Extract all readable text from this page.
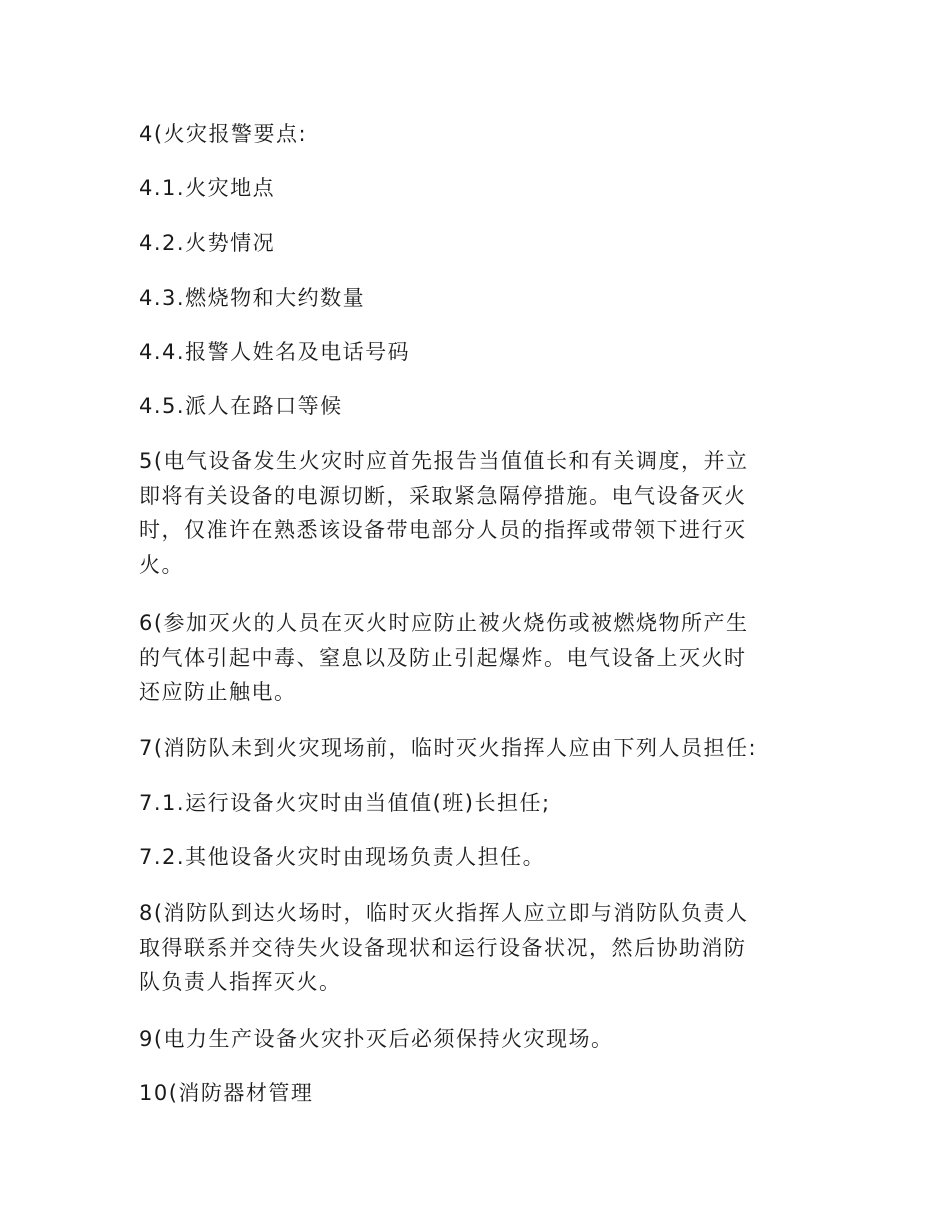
4(火灾报警要点:

4.1.火灾地点

4.2.火势情况

4.3.燃烧物和大约数量

4.4.报警人姓名及电话号码

4.5.派人在路口等候

5(电气设备发生火灾时应首先报告当值值长和有关调度，并立
即将有关设备的电源切断，采取紧急隔停措施。电气设备灭火
时，仅准许在熟悉该设备带电部分人员的指挥或带领下进行灭
火。

6(参加灭火的人员在灭火时应防止被火烧伤或被燃烧物所产生
的气体引起中毒、窒息以及防止引起爆炸。电气设备上灭火时
还应防止触电。

7(消防队未到火灾现场前，临时灭火指挥人应由下列人员担任:

7.1.运行设备火灾时由当值值(班)长担任;

7.2.其他设备火灾时由现场负责人担任。

8(消防队到达火场时，临时灭火指挥人应立即与消防队负责人
取得联系并交待失火设备现状和运行设备状况，然后协助消防
队负责人指挥灭火。

9(电力生产设备火灾扑灭后必须保持火灾现场。

10(消防器材管理
